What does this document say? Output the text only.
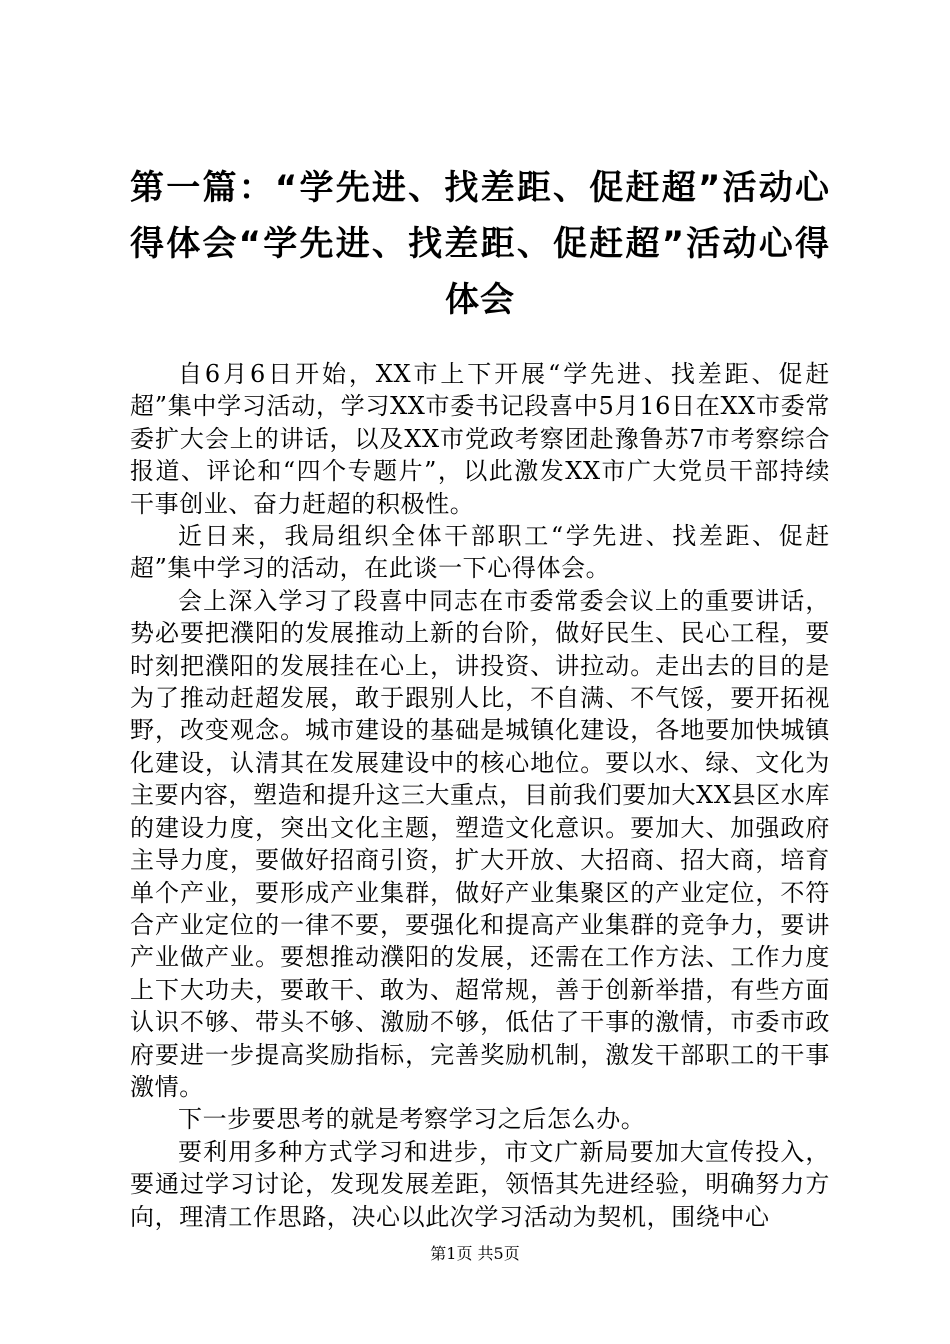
第一篇：“学先进、找差距、促赶超”活动心得体会“学先进、找差距、促赶超”活动心得体会

自6月6日开始，XX市上下开展“学先进、找差距、促赶超”集中学习活动，学习XX市委书记段喜中5月16日在XX市委常委扩大会上的讲话，以及XX市党政考察团赴豫鲁苏7市考察综合报道、评论和“四个专题片”，以此激发XX市广大党员干部持续干事创业、奋力赶超的积极性。

近日来，我局组织全体干部职工“学先进、找差距、促赶超”集中学习的活动，在此谈一下心得体会。

会上深入学习了段喜中同志在市委常委会议上的重要讲话，势必要把濮阳的发展推动上新的台阶，做好民生、民心工程，要时刻把濮阳的发展挂在心上，讲投资、讲拉动。走出去的目的是为了推动赶超发展，敢于跟别人比，不自满、不气馁，要开拓视野，改变观念。城市建设的基础是城镇化建设，各地要加快城镇化建设，认清其在发展建设中的核心地位。要以水、绿、文化为主要内容，塑造和提升这三大重点，目前我们要加大XX县区水库的建设力度，突出文化主题，塑造文化意识。要加大、加强政府主导力度，要做好招商引资，扩大开放、大招商、招大商，培育单个产业，要形成产业集群，做好产业集聚区的产业定位，不符合产业定位的一律不要，要强化和提高产业集群的竞争力，要讲产业做产业。要想推动濮阳的发展，还需在工作方法、工作力度上下大功夫，要敢干、敢为、超常规，善于创新举措，有些方面认识不够、带头不够、激励不够，低估了干事的激情，市委市政府要进一步提高奖励指标，完善奖励机制，激发干部职工的干事激情。

下一步要思考的就是考察学习之后怎么办。

要利用多种方式学习和进步，市文广新局要加大宣传投入，要通过学习讨论，发现发展差距，领悟其先进经验，明确努力方向，理清工作思路，决心以此次学习活动为契机，围绕中心

第1页 共5页
